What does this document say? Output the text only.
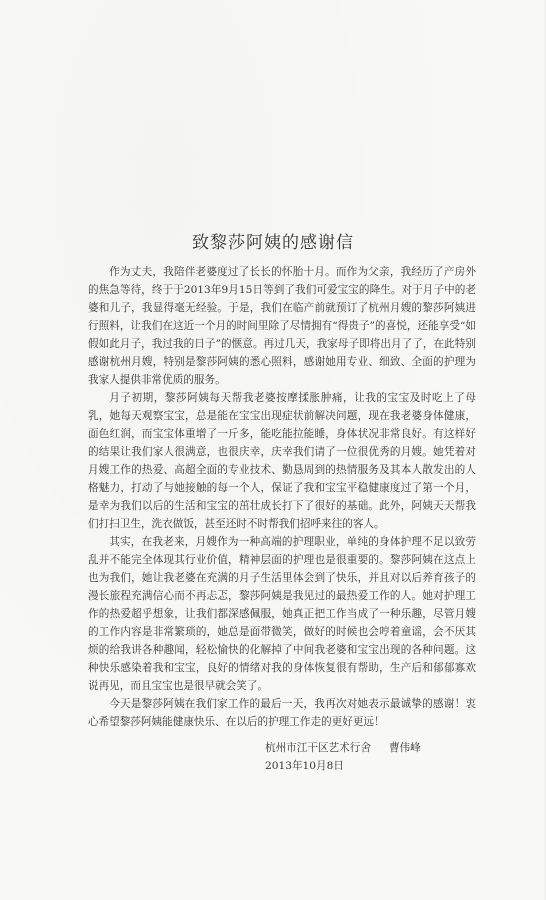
致黎莎阿姨的感谢信

作为丈夫，我陪伴老婆度过了长长的怀胎十月。而作为父亲，我经历了产房外的焦急等待，终于于2013年9月15日等到了我们可爱宝宝的降生。对于月子中的老婆和儿子，我显得毫无经验。于是，我们在临产前就预订了杭州月嫂的黎莎阿姨进行照料，让我们在这近一个月的时间里除了尽情拥有“得贵子”的喜悦，还能享受“如假如此月子，我过我的日子”的惬意。再过几天，我家母子即将出月了了，在此特别感谢杭州月嫂，特别是黎莎阿姨的悉心照料，感谢她用专业、细致、全面的护理为我家人提供非常优质的服务。

月子初期，黎莎阿姨每天帮我老婆按摩揉胀肿痛，让我的宝宝及时吃上了母乳，她每天观察宝宝，总是能在宝宝出现症状前解决问题，现在我老婆身体健康，面色红润，而宝宝体重增了一斤多，能吃能拉能睡，身体状况非常良好。有这样好的结果让我们家人很满意，也很庆幸，庆幸我们请了一位很优秀的月嫂。她凭着对月嫂工作的热爱、高超全面的专业技术、勤恳周到的热情服务及其本人散发出的人格魅力，打动了与她接触的每一个人，保证了我和宝宝平稳健康度过了第一个月，是幸为我们以后的生活和宝宝的茁壮成长打下了很好的基础。此外，阿姨天天帮我们打扫卫生，洗衣做饭，甚至还时不时帮我们招呼来往的客人。

其实，在我老来，月嫂作为一种高端的护理职业，单纯的身体护理不足以致劳乱并不能完全体现其行业价值，精神层面的护理也是很重要的。黎莎阿姨在这点上也为我们，她让我老婆在充满的月子生活里体会到了快乐，并且对以后养育孩子的漫长旅程充满信心而不再忐忑，黎莎阿姨是我见过的最热爱工作的人。她对护理工作的热爱超乎想象，让我们都深感佩服，她真正把工作当成了一种乐趣，尽管月嫂的工作内容是非常繁琐的，她总是面带微笑，做好的时候也会哼着童谣，会不厌其烦的给我讲各种趣闻，轻松愉快的化解掉了中间我老婆和宝宝出现的各种问题。这种快乐感染着我和宝宝，良好的情绪对我的身体恢复很有帮助，生产后和郁郁寡欢说再见，而且宝宝也是很早就会笑了。

今天是黎莎阿姨在我们家工作的最后一天，我再次对她表示最诚挚的感谢！衷心希望黎莎阿姨能健康快乐、在以后的护理工作走的更好更远！

杭州市江干区艺术行舍 曹伟峰
2013年10月8日
